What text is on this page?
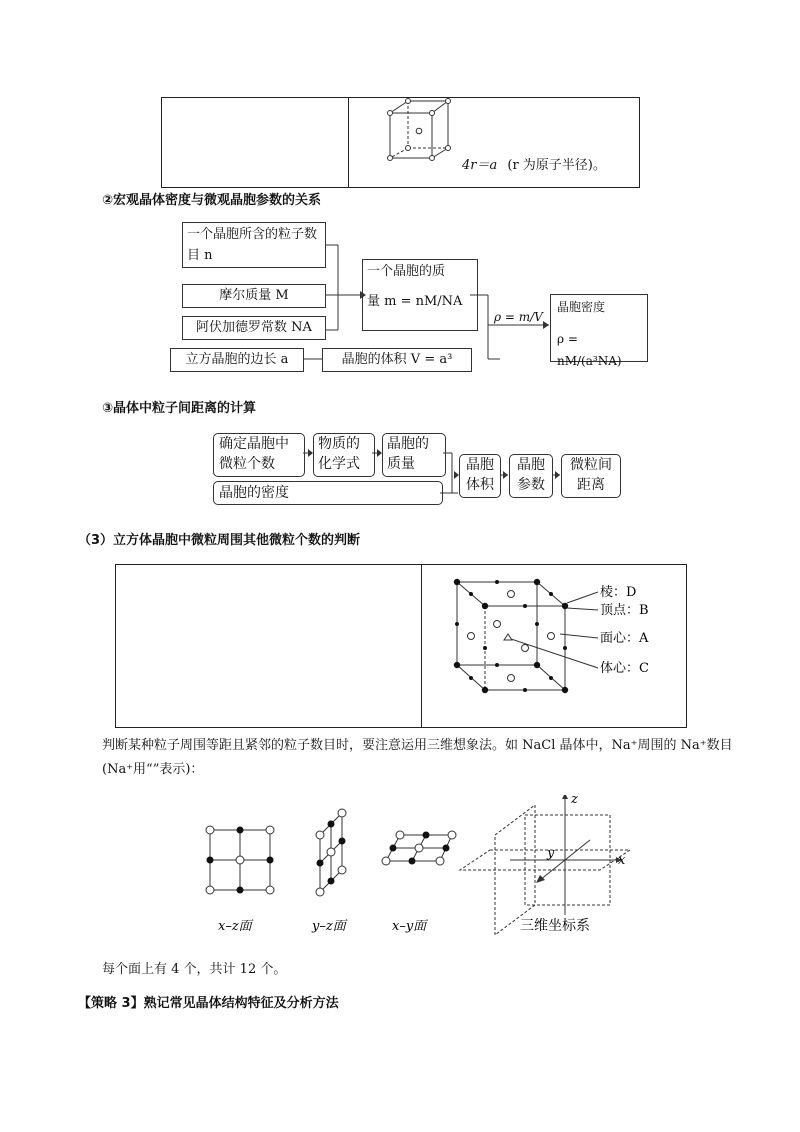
4r＝a (r 为原子半径)。
②宏观晶体密度与微观晶胞参数的关系
一个晶胞所含的粒子数目 n
摩尔质量 M
阿伏加德罗常数 NA
立方晶胞的边长 a
一个晶胞的质
量 m = nM/NA
晶胞的体积 V = a³
ρ = m/V
晶胞密度
ρ = nM/(a³NA)
③晶体中粒子间距离的计算
确定晶胞中微粒个数
物质的化学式
晶胞的质量
晶胞的密度
晶胞体积
晶胞参数
微粒间距离
（3）立方体晶胞中微粒周围其他微粒个数的判断
棱：D
顶点：B
面心：A
体心：C
判断某种粒子周围等距且紧邻的粒子数目时，要注意运用三维想象法。如 NaCl 晶体中，Na⁺周围的 Na⁺数目(Na⁺用“”表示)：
z
x
y
x–z面	y–z面	x–y面	三维坐标系
每个面上有 4 个，共计 12 个。
【策略 3】熟记常见晶体结构特征及分析方法
